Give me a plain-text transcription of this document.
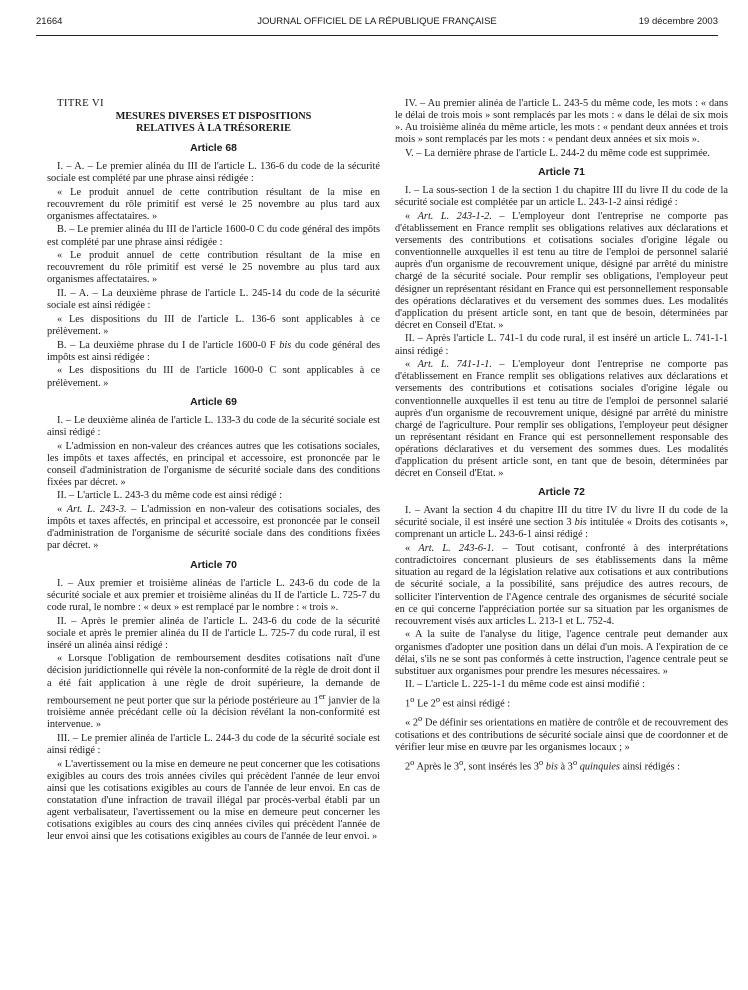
21664	JOURNAL OFFICIEL DE LA RÉPUBLIQUE FRANÇAISE	19 décembre 2003

TITRE VI

MESURES DIVERSES ET DISPOSITIONS
RELATIVES À LA TRÉSORERIE
Article 68

I. – A. – Le premier alinéa du III de l'article L. 136-6 du code de la sécurité sociale est complété par une phrase ainsi rédigée :

« Le produit annuel de cette contribution résultant de la mise en recouvrement du rôle primitif est versé le 25 novembre au plus tard aux organismes affectataires. »

B. – Le premier alinéa du III de l'article 1600-0 C du code général des impôts est complété par une phrase ainsi rédigée :

« Le produit annuel de cette contribution résultant de la mise en recouvrement du rôle primitif est versé le 25 novembre au plus tard aux organismes affectataires. »

II. – A. – La deuxième phrase de l'article L. 245-14 du code de la sécurité sociale est ainsi rédigée :

« Les dispositions du III de l'article L. 136-6 sont applicables à ce prélèvement. »

B. – La deuxième phrase du I de l'article 1600-0 F bis du code général des impôts est ainsi rédigée :

« Les dispositions du III de l'article 1600-0 C sont applicables à ce prélèvement. »

Article 69

I. – Le deuxième alinéa de l'article L. 133-3 du code de la sécurité sociale est ainsi rédigé :

« L'admission en non-valeur des créances autres que les cotisations sociales, les impôts et taxes affectés, en principal et accessoire, est prononcée par le conseil d'administration de l'organisme de sécurité sociale dans des conditions fixées par décret. »

II. – L'article L. 243-3 du même code est ainsi rédigé :

« Art. L. 243-3. – L'admission en non-valeur des cotisations sociales, des impôts et taxes affectés, en principal et accessoire, est prononcée par le conseil d'administration de l'organisme de sécurité sociale dans des conditions fixées par décret. »

Article 70

I. – Aux premier et troisième alinéas de l'article L. 243-6 du code de la sécurité sociale et aux premier et troisième alinéas du II de l'article L. 725-7 du code rural, le nombre : « deux » est remplacé par le nombre : « trois ».

II. – Après le premier alinéa de l'article L. 243-6 du code de la sécurité sociale et après le premier alinéa du II de l'article L. 725-7 du code rural, il est inséré un alinéa ainsi rédigé :

« Lorsque l'obligation de remboursement desdites cotisations naît d'une décision juridictionnelle qui révèle la non-conformité de la règle de droit dont il a été fait application à une règle de droit supérieure, la demande de remboursement ne peut porter que sur la période postérieure au 1er janvier de la troisième année précédant celle où la décision révélant la non-conformité est intervenue. »

III. – Le premier alinéa de l'article L. 244-3 du code de la sécurité sociale est ainsi rédigé :

« L'avertissement ou la mise en demeure ne peut concerner que les cotisations exigibles au cours des trois années civiles qui précèdent l'année de leur envoi ainsi que les cotisations exigibles au cours de l'année de leur envoi. En cas de constatation d'une infraction de travail illégal par procès-verbal établi par un agent verbalisateur, l'avertissement ou la mise en demeure peut concerner les cotisations exigibles au cours des cinq années civiles qui précèdent l'année de leur envoi ainsi que les cotisations exigibles au cours de l'année de leur envoi. »

IV. – Au premier alinéa de l'article L. 243-5 du même code, les mots : « dans le délai de trois mois » sont remplacés par les mots : « dans le délai de six mois ». Au troisième alinéa du même article, les mots : « pendant deux années et trois mois » sont remplacés par les mots : « pendant deux années et six mois ».

V. – La dernière phrase de l'article L. 244-2 du même code est supprimée.

Article 71

I. – La sous-section 1 de la section 1 du chapitre III du livre II du code de la sécurité sociale est complétée par un article L. 243-1-2 ainsi rédigé :

« Art. L. 243-1-2. – L'employeur dont l'entreprise ne comporte pas d'établissement en France remplit ses obligations relatives aux déclarations et versements des contributions et cotisations sociales d'origine légale ou conventionnelle auxquelles il est tenu au titre de l'emploi de personnel salarié auprès d'un organisme de recouvrement unique, désigné par arrêté du ministre chargé de la sécurité sociale. Pour remplir ses obligations, l'employeur peut désigner un représentant résidant en France qui est personnellement responsable des opérations déclaratives et du versement des sommes dues. Les modalités d'application du présent article sont, en tant que de besoin, déterminées par décret en Conseil d'Etat. »

II. – Après l'article L. 741-1 du code rural, il est inséré un article L. 741-1-1 ainsi rédigé :

« Art. L. 741-1-1. – L'employeur dont l'entreprise ne comporte pas d'établissement en France remplit ses obligations relatives aux déclarations et versements des contributions et cotisations sociales d'origine légale ou conventionnelle auxquelles il est tenu au titre de l'emploi de personnel salarié auprès d'un organisme de recouvrement unique, désigné par arrêté du ministre chargé de l'agriculture. Pour remplir ses obligations, l'employeur peut désigner un représentant résidant en France qui est personnellement responsable des opérations déclaratives et du versement des sommes dues. Les modalités d'application du présent article sont, en tant que de besoin, déterminées par décret en Conseil d'Etat. »

Article 72

I. – Avant la section 4 du chapitre III du titre IV du livre II du code de la sécurité sociale, il est inséré une section 3 bis intitulée « Droits des cotisants », comprenant un article L. 243-6-1 ainsi rédigé :

« Art. L. 243-6-1. – Tout cotisant, confronté à des interprétations contradictoires concernant plusieurs de ses établissements dans la même situation au regard de la législation relative aux cotisations et aux contributions de sécurité sociale, a la possibilité, sans préjudice des autres recours, de solliciter l'intervention de l'Agence centrale des organismes de sécurité sociale en ce qui concerne l'appréciation portée sur sa situation par les organismes de recouvrement visés aux articles L. 213-1 et L. 752-4.

« A la suite de l'analyse du litige, l'agence centrale peut demander aux organismes d'adopter une position dans un délai d'un mois. A l'expiration de ce délai, s'ils ne se sont pas conformés à cette instruction, l'agence centrale peut se substituer aux organismes pour prendre les mesures nécessaires. »

II. – L'article L. 225-1-1 du même code est ainsi modifié :

1$^o$ Le 2$^o$ est ainsi rédigé :

« 2$^o$ De définir ses orientations en matière de contrôle et de recouvrement des cotisations et des contributions de sécurité sociale ainsi que de coordonner et de vérifier leur mise en œuvre par les organismes locaux ; »

2$^o$ Après le 3$^o$, sont insérés les 3$^o$ bis à 3$^o$ quinquies ainsi rédigés :
